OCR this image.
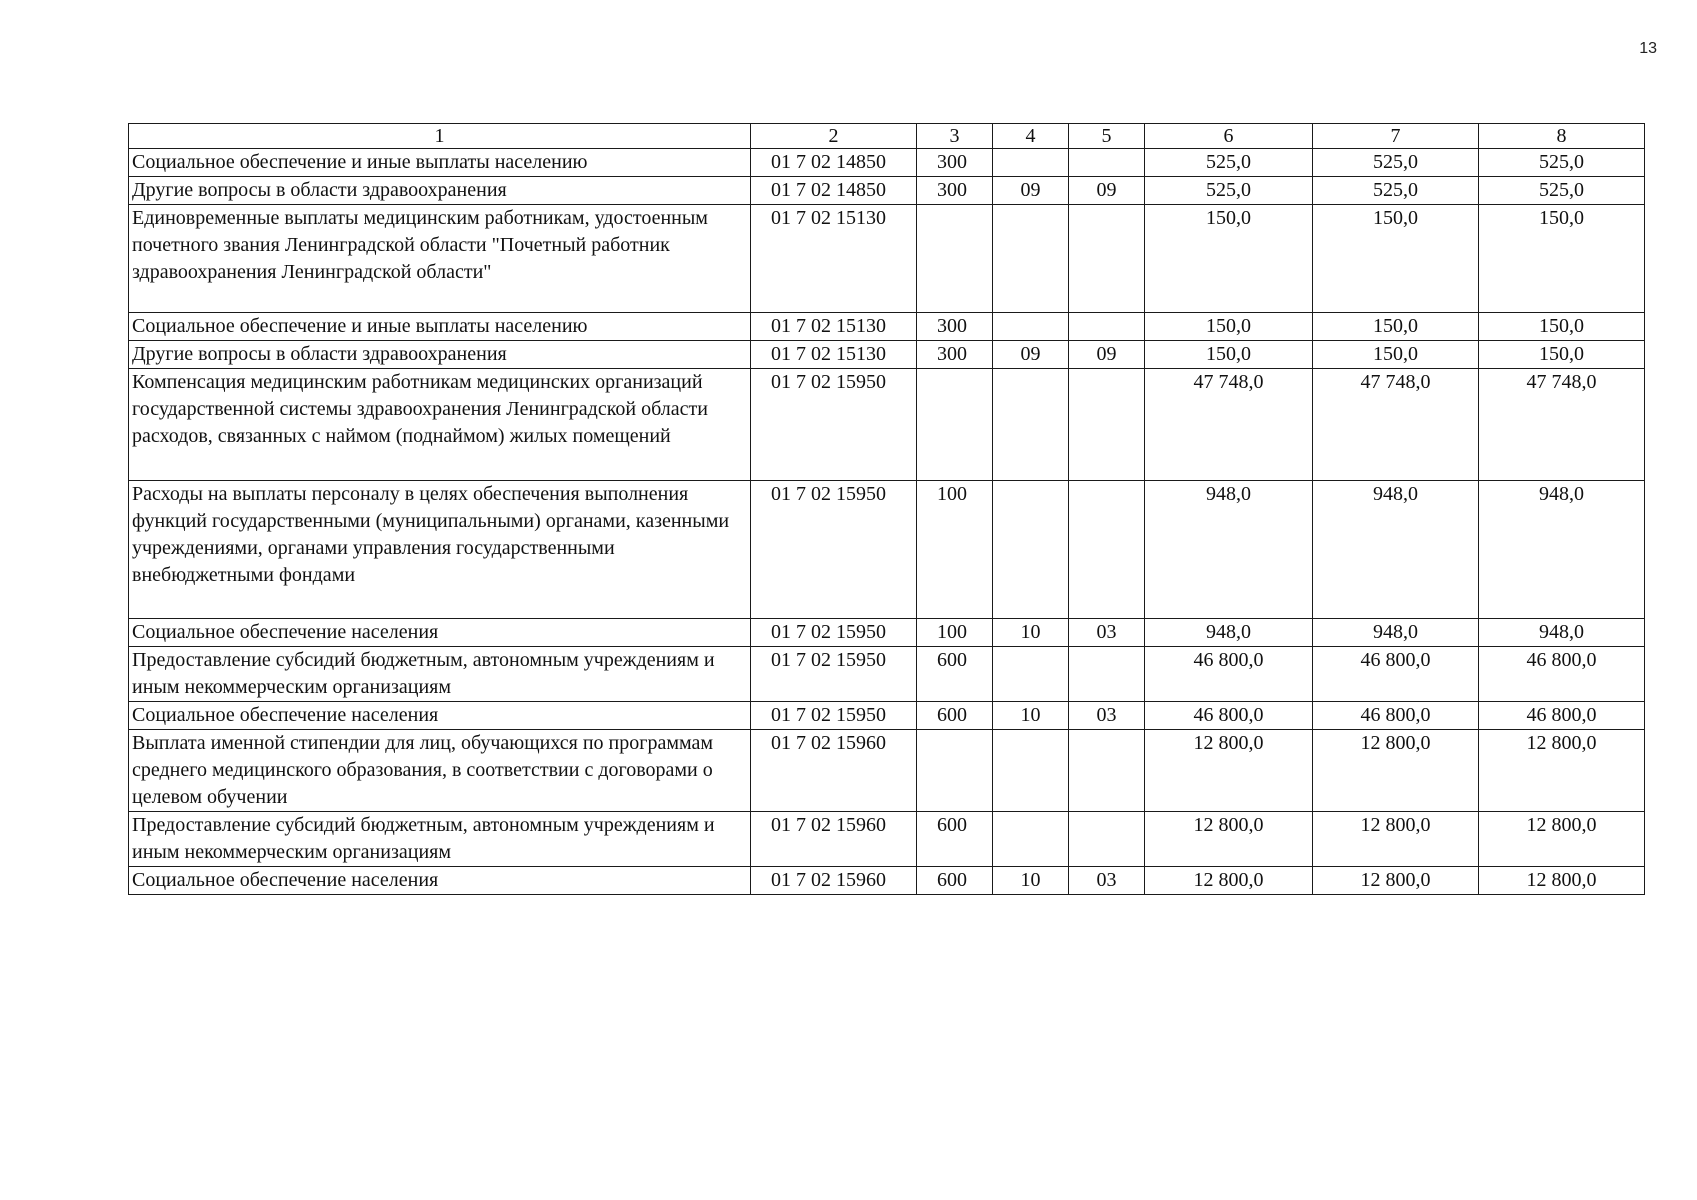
13
1	2	3	4	5	6	7	8
Социальное обеспечение и иные выплаты населению	01 7 02 14850	300			525,0	525,0	525,0
Другие вопросы в области здравоохранения	01 7 02 14850	300	09	09	525,0	525,0	525,0
Единовременные выплаты медицинским работникам, удостоенным почетного звания Ленинградской области "Почетный работник здравоохранения Ленинградской области"	01 7 02 15130				150,0	150,0	150,0
Социальное обеспечение и иные выплаты населению	01 7 02 15130	300			150,0	150,0	150,0
Другие вопросы в области здравоохранения	01 7 02 15130	300	09	09	150,0	150,0	150,0
Компенсация медицинским работникам медицинских организаций государственной системы здравоохранения Ленинградской области расходов, связанных с наймом (поднаймом) жилых помещений	01 7 02 15950				47 748,0	47 748,0	47 748,0
Расходы на выплаты персоналу в целях обеспечения выполнения функций государственными (муниципальными) органами, казенными учреждениями, органами управления государственными внебюджетными фондами	01 7 02 15950	100			948,0	948,0	948,0
Социальное обеспечение населения	01 7 02 15950	100	10	03	948,0	948,0	948,0
Предоставление субсидий бюджетным, автономным учреждениям и иным некоммерческим организациям	01 7 02 15950	600			46 800,0	46 800,0	46 800,0
Социальное обеспечение населения	01 7 02 15950	600	10	03	46 800,0	46 800,0	46 800,0
Выплата именной стипендии для лиц, обучающихся по программам среднего медицинского образования, в соответствии с договорами о целевом обучении	01 7 02 15960				12 800,0	12 800,0	12 800,0
Предоставление субсидий бюджетным, автономным учреждениям и иным некоммерческим организациям	01 7 02 15960	600			12 800,0	12 800,0	12 800,0
Социальное обеспечение населения	01 7 02 15960	600	10	03	12 800,0	12 800,0	12 800,0
